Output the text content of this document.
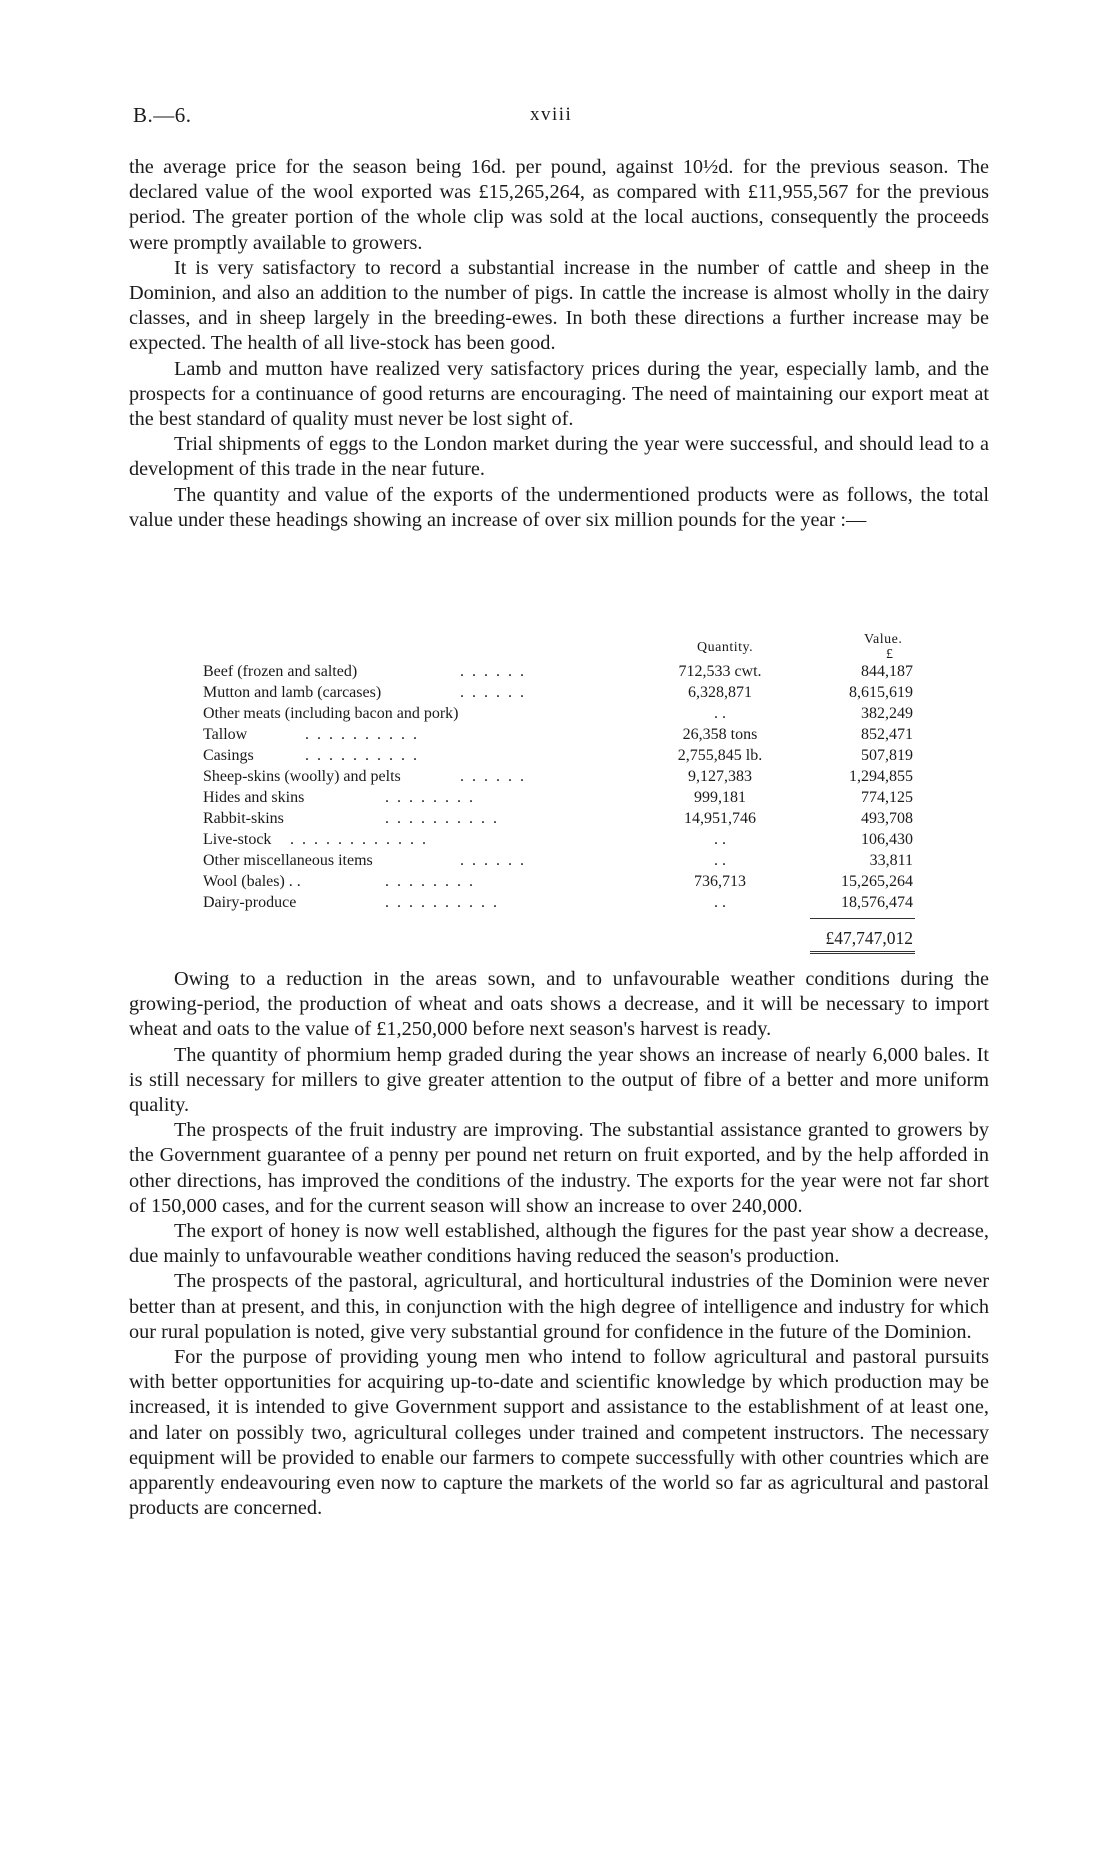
B.—6.	xviii

the average price for the season being 16d. per pound, against 10½d. for the previous season. The declared value of the wool exported was £15,265,264, as compared with £11,955,567 for the previous period. The greater portion of the whole clip was sold at the local auctions, consequently the proceeds were promptly available to growers.

It is very satisfactory to record a substantial increase in the number of cattle and sheep in the Dominion, and also an addition to the number of pigs. In cattle the increase is almost wholly in the dairy classes, and in sheep largely in the breeding-ewes. In both these directions a further increase may be expected. The health of all live-stock has been good.

Lamb and mutton have realized very satisfactory prices during the year, especially lamb, and the prospects for a continuance of good returns are encouraging. The need of maintaining our export meat at the best standard of quality must never be lost sight of.

Trial shipments of eggs to the London market during the year were successful, and should lead to a development of this trade in the near future.

The quantity and value of the exports of the undermentioned products were as follows, the total value under these headings showing an increase of over six million pounds for the year :—

Quantity.
Value.
£
Beef (frozen and salted)	. . . . . .	712,533 cwt.	844,187
Mutton and lamb (carcases)	. . . . . .	6,328,871	8,615,619
Other meats (including bacon and pork)	. .	382,249
Tallow	. . . . . . . . . .	26,358 tons	852,471
Casings	. . . . . . . . . .	2,755,845 lb.	507,819
Sheep-skins (woolly) and pelts	. . . . . .	9,127,383	1,294,855
Hides and skins	. . . . . . . .	999,181	774,125
Rabbit-skins	. . . . . . . . . .	14,951,746	493,708
Live-stock . . . . . . . . . . . .	. .	106,430
Other miscellaneous items	. . . . . .	. .	33,811
Wool (bales) . .	. . . . . . . .	736,713	15,265,264
Dairy-produce	. . . . . . . . . .	. .	18,576,474
£47,747,012

Owing to a reduction in the areas sown, and to unfavourable weather conditions during the growing-period, the production of wheat and oats shows a decrease, and it will be necessary to import wheat and oats to the value of £1,250,000 before next season's harvest is ready.

The quantity of phormium hemp graded during the year shows an increase of nearly 6,000 bales. It is still necessary for millers to give greater attention to the output of fibre of a better and more uniform quality.

The prospects of the fruit industry are improving. The substantial assistance granted to growers by the Government guarantee of a penny per pound net return on fruit exported, and by the help afforded in other directions, has improved the conditions of the industry. The exports for the year were not far short of 150,000 cases, and for the current season will show an increase to over 240,000.

The export of honey is now well established, although the figures for the past year show a decrease, due mainly to unfavourable weather conditions having reduced the season's production.

The prospects of the pastoral, agricultural, and horticultural industries of the Dominion were never better than at present, and this, in conjunction with the high degree of intelligence and industry for which our rural population is noted, give very substantial ground for confidence in the future of the Dominion.

For the purpose of providing young men who intend to follow agricultural and pastoral pursuits with better opportunities for acquiring up-to-date and scientific knowledge by which production may be increased, it is intended to give Government support and assistance to the establishment of at least one, and later on possibly two, agricultural colleges under trained and competent instructors. The necessary equipment will be provided to enable our farmers to compete successfully with other countries which are apparently endeavouring even now to capture the markets of the world so far as agricultural and pastoral products are concerned.
